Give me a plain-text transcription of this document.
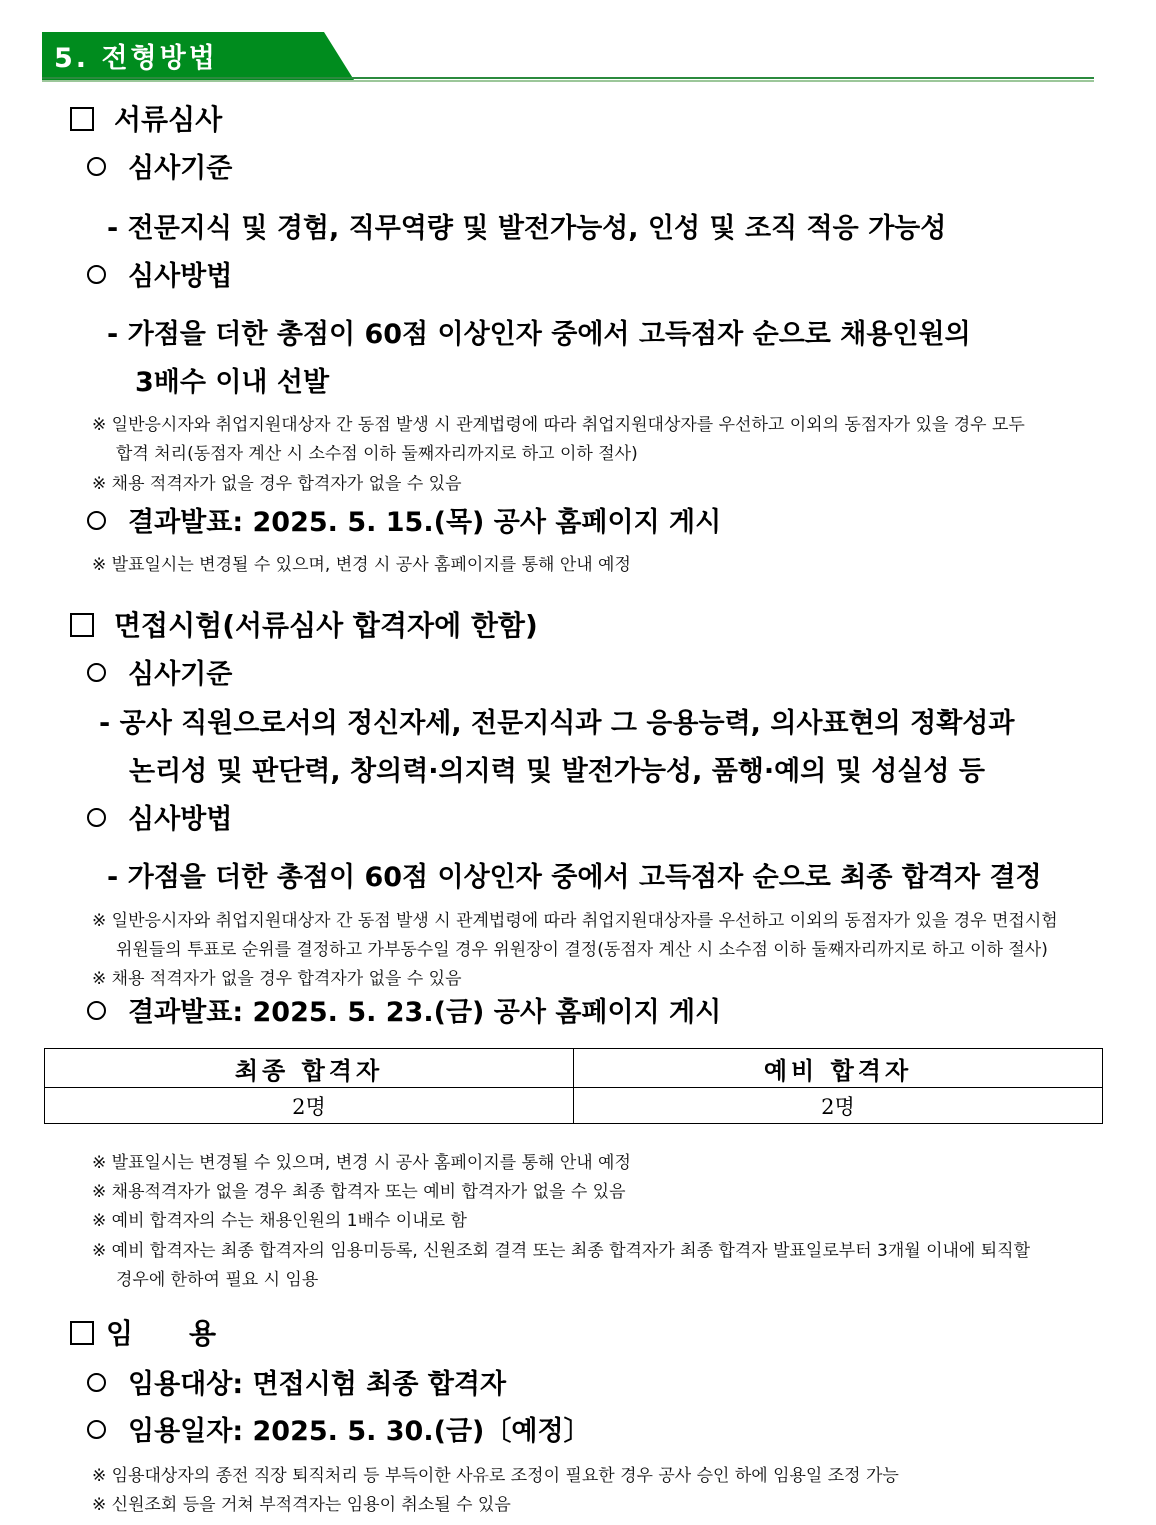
5. 전형방법
서류심사
심사기준
- 전문지식 및 경험, 직무역량 및 발전가능성, 인성 및 조직 적응 가능성
심사방법
- 가점을 더한 총점이 60점 이상인자 중에서 고득점자 순으로 채용인원의
3배수 이내 선발
※ 일반응시자와 취업지원대상자 간 동점 발생 시 관계법령에 따라 취업지원대상자를 우선하고 이외의 동점자가 있을 경우 모두
합격 처리(동점자 계산 시 소수점 이하 둘째자리까지로 하고 이하 절사)
※ 채용 적격자가 없을 경우 합격자가 없을 수 있음
결과발표: 2025. 5. 15.(목) 공사 홈페이지 게시
※ 발표일시는 변경될 수 있으며, 변경 시 공사 홈페이지를 통해 안내 예정
면접시험(서류심사 합격자에 한함)
심사기준
- 공사 직원으로서의 정신자세, 전문지식과 그 응용능력, 의사표현의 정확성과
논리성 및 판단력, 창의력·의지력 및 발전가능성, 품행·예의 및 성실성 등
심사방법
- 가점을 더한 총점이 60점 이상인자 중에서 고득점자 순으로 최종 합격자 결정
※ 일반응시자와 취업지원대상자 간 동점 발생 시 관계법령에 따라 취업지원대상자를 우선하고 이외의 동점자가 있을 경우 면접시험
위원들의 투표로 순위를 결정하고 가부동수일 경우 위원장이 결정(동점자 계산 시 소수점 이하 둘째자리까지로 하고 이하 절사)
※ 채용 적격자가 없을 경우 합격자가 없을 수 있음
결과발표: 2025. 5. 23.(금) 공사 홈페이지 게시
최종 합격자	예비 합격자
2명	2명
※ 발표일시는 변경될 수 있으며, 변경 시 공사 홈페이지를 통해 안내 예정
※ 채용적격자가 없을 경우 최종 합격자 또는 예비 합격자가 없을 수 있음
※ 예비 합격자의 수는 채용인원의 1배수 이내로 함
※ 예비 합격자는 최종 합격자의 임용미등록, 신원조회 결격 또는 최종 합격자가 최종 합격자 발표일로부터 3개월 이내에 퇴직할
경우에 한하여 필요 시 임용
임　　용
임용대상: 면접시험 최종 합격자
임용일자: 2025. 5. 30.(금)〔예정〕
※ 임용대상자의 종전 직장 퇴직처리 등 부득이한 사유로 조정이 필요한 경우 공사 승인 하에 임용일 조정 가능
※ 신원조회 등을 거쳐 부적격자는 임용이 취소될 수 있음
